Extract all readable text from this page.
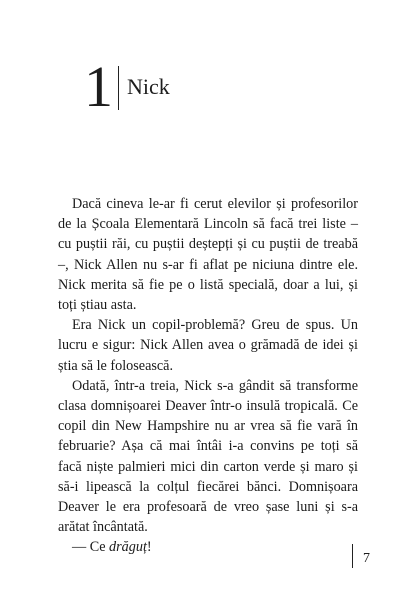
1 Nick

Dacă cineva le-ar fi cerut elevilor și profesorilor de la Școala Elementară Lincoln să facă trei liste – cu puștii răi, cu puștii deștepți și cu puștii de treabă –, Nick Allen nu s-ar fi aflat pe niciuna dintre ele. Nick merita să fie pe o listă specială, doar a lui, și toți știau asta.

Era Nick un copil-problemă? Greu de spus. Un lucru e sigur: Nick Allen avea o grămadă de idei și știa să le folosească.

Odată, într-a treia, Nick s-a gândit să transforme clasa domnișoarei Deaver într-o insulă tropicală. Ce copil din New Hampshire nu ar vrea să fie vară în februarie? Așa că mai întâi i-a convins pe toți să facă niște palmieri mici din carton verde și maro și să-i lipească la colțul fiecărei bănci. Domnișoara Deaver le era profesoară de vreo șase luni și s-a arătat încântată.

— Ce drăguț!

7
